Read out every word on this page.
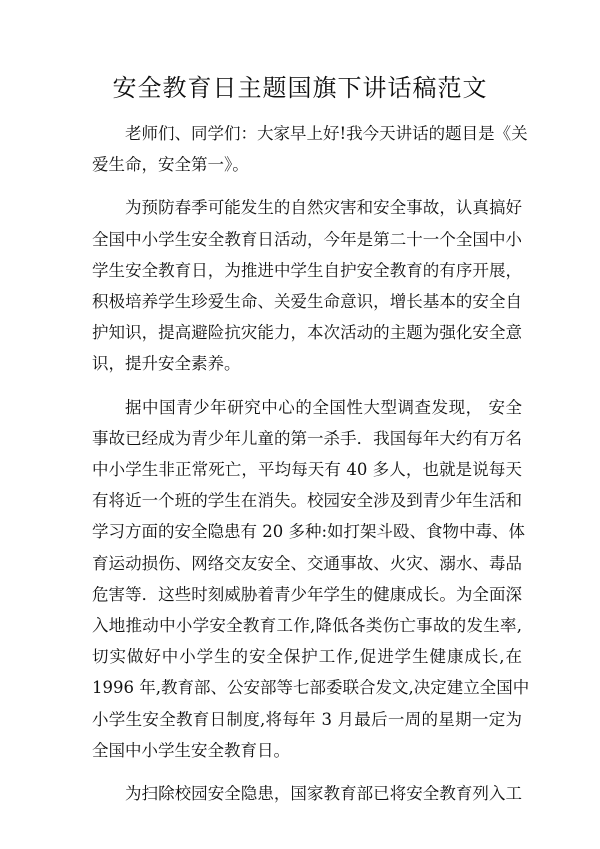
安全教育日主题国旗下讲话稿范文
老师们、同学们：大家早上好!我今天讲话的题目是《关
爱生命，安全第一》。
为预防春季可能发生的自然灾害和安全事故，认真搞好
全国中小学生安全教育日活动，今年是第二十一个全国中小
学生安全教育日，为推进中学生自护安全教育的有序开展，
积极培养学生珍爱生命、关爱生命意识，增长基本的安全自
护知识，提高避险抗灾能力，本次活动的主题为强化安全意
识，提升安全素养。
据中国青少年研究中心的全国性大型调查发现， 安全
事故已经成为青少年儿童的第一杀手．我国每年大约有万名
中小学生非正常死亡，平均每天有 40 多人，也就是说每天
有将近一个班的学生在消失。校园安全涉及到青少年生活和
学习方面的安全隐患有 20 多种:如打架斗殴、食物中毒、体
育运动损伤、网络交友安全、交通事故、火灾、溺水、毒品
危害等．这些时刻威胁着青少年学生的健康成长。为全面深
入地推动中小学安全教育工作,降低各类伤亡事故的发生率,
切实做好中小学生的安全保护工作,促进学生健康成长,在
1996 年,教育部、公安部等七部委联合发文,决定建立全国中
小学生安全教育日制度,将每年 3 月最后一周的星期一定为
全国中小学生安全教育日。
为扫除校园安全隐患，国家教育部已将安全教育列入工
